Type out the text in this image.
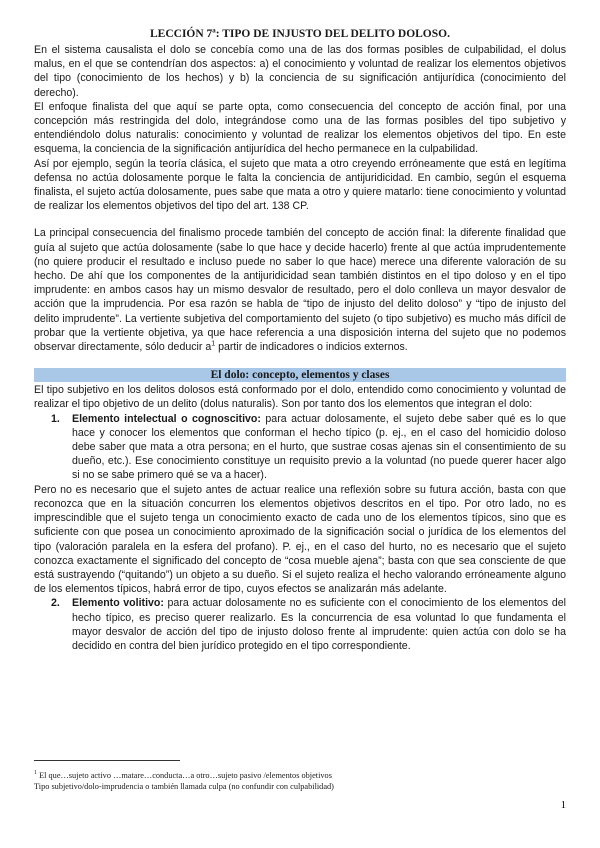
LECCIÓN 7ª: TIPO DE INJUSTO DEL DELITO DOLOSO.

En el sistema causalista el dolo se concebía como una de las dos formas posibles de culpabilidad, el dolus malus, en el que se contendrían dos aspectos: a) el conocimiento y voluntad de realizar los elementos objetivos del tipo (conocimiento de los hechos) y b) la conciencia de su significación antijurídica (conocimiento del derecho).

El enfoque finalista del que aquí se parte opta, como consecuencia del concepto de acción final, por una concepción más restringida del dolo, integrándose como una de las formas posibles del tipo subjetivo y entendiéndolo dolus naturalis: conocimiento y voluntad de realizar los elementos objetivos del tipo. En este esquema, la conciencia de la significación antijurídica del hecho permanece en la culpabilidad.

Así por ejemplo, según la teoría clásica, el sujeto que mata a otro creyendo erróneamente que está en legítima defensa no actúa dolosamente porque le falta la conciencia de antijuridicidad. En cambio, según el esquema finalista, el sujeto actúa dolosamente, pues sabe que mata a otro y quiere matarlo: tiene conocimiento y voluntad de realizar los elementos objetivos del tipo del art. 138 CP.

La principal consecuencia del finalismo procede también del concepto de acción final: la diferente finalidad que guía al sujeto que actúa dolosamente (sabe lo que hace y decide hacerlo) frente al que actúa imprudentemente (no quiere producir el resultado e incluso puede no saber lo que hace) merece una diferente valoración de su hecho. De ahí que los componentes de la antijuridicidad sean también distintos en el tipo doloso y en el tipo imprudente: en ambos casos hay un mismo desvalor de resultado, pero el dolo conlleva un mayor desvalor de acción que la imprudencia. Por esa razón se habla de “tipo de injusto del delito doloso” y “tipo de injusto del delito imprudente”. La vertiente subjetiva del comportamiento del sujeto (o tipo subjetivo) es mucho más difícil de probar que la vertiente objetiva, ya que hace referencia a una disposición interna del sujeto que no podemos observar directamente, sólo deducir $a^1$ partir de indicadores o indicios externos.

El dolo: concepto, elementos y clases

El tipo subjetivo en los delitos dolosos está conformado por el dolo, entendido como conocimiento y voluntad de realizar el tipo objetivo de un delito (dolus naturalis). Son por tanto dos los elementos que integran el dolo:

1. Elemento intelectual o cognoscitivo: para actuar dolosamente, el sujeto debe saber qué es lo que hace y conocer los elementos que conforman el hecho típico (p. ej., en el caso del homicidio doloso debe saber que mata a otra persona; en el hurto, que sustrae cosas ajenas sin el consentimiento de su dueño, etc.). Ese conocimiento constituye un requisito previo a la voluntad (no puede querer hacer algo si no se sabe primero qué se va a hacer).

Pero no es necesario que el sujeto antes de actuar realice una reflexión sobre su futura acción, basta con que reconozca que en la situación concurren los elementos objetivos descritos en el tipo. Por otro lado, no es imprescindible que el sujeto tenga un conocimiento exacto de cada uno de los elementos típicos, sino que es suficiente con que posea un conocimiento aproximado de la significación social o jurídica de los elementos del tipo (valoración paralela en la esfera del profano). P. ej., en el caso del hurto, no es necesario que el sujeto conozca exactamente el significado del concepto de “cosa mueble ajena”; basta con que sea consciente de que está sustrayendo (“quitando”) un objeto a su dueño. Si el sujeto realiza el hecho valorando erróneamente alguno de los elementos típicos, habrá error de tipo, cuyos efectos se analizarán más adelante.

2. Elemento volitivo: para actuar dolosamente no es suficiente con el conocimiento de los elementos del hecho típico, es preciso querer realizarlo. Es la concurrencia de esa voluntad lo que fundamenta el mayor desvalor de acción del tipo de injusto doloso frente al imprudente: quien actúa con dolo se ha decidido en contra del bien jurídico protegido en el tipo correspondiente.
$^1$ El que…sujeto activo …matare…conducta…a otro…sujeto pasivo /elementos objetivos
Tipo subjetivo/dolo-imprudencia o también llamada culpa (no confundir con culpabilidad)
1
